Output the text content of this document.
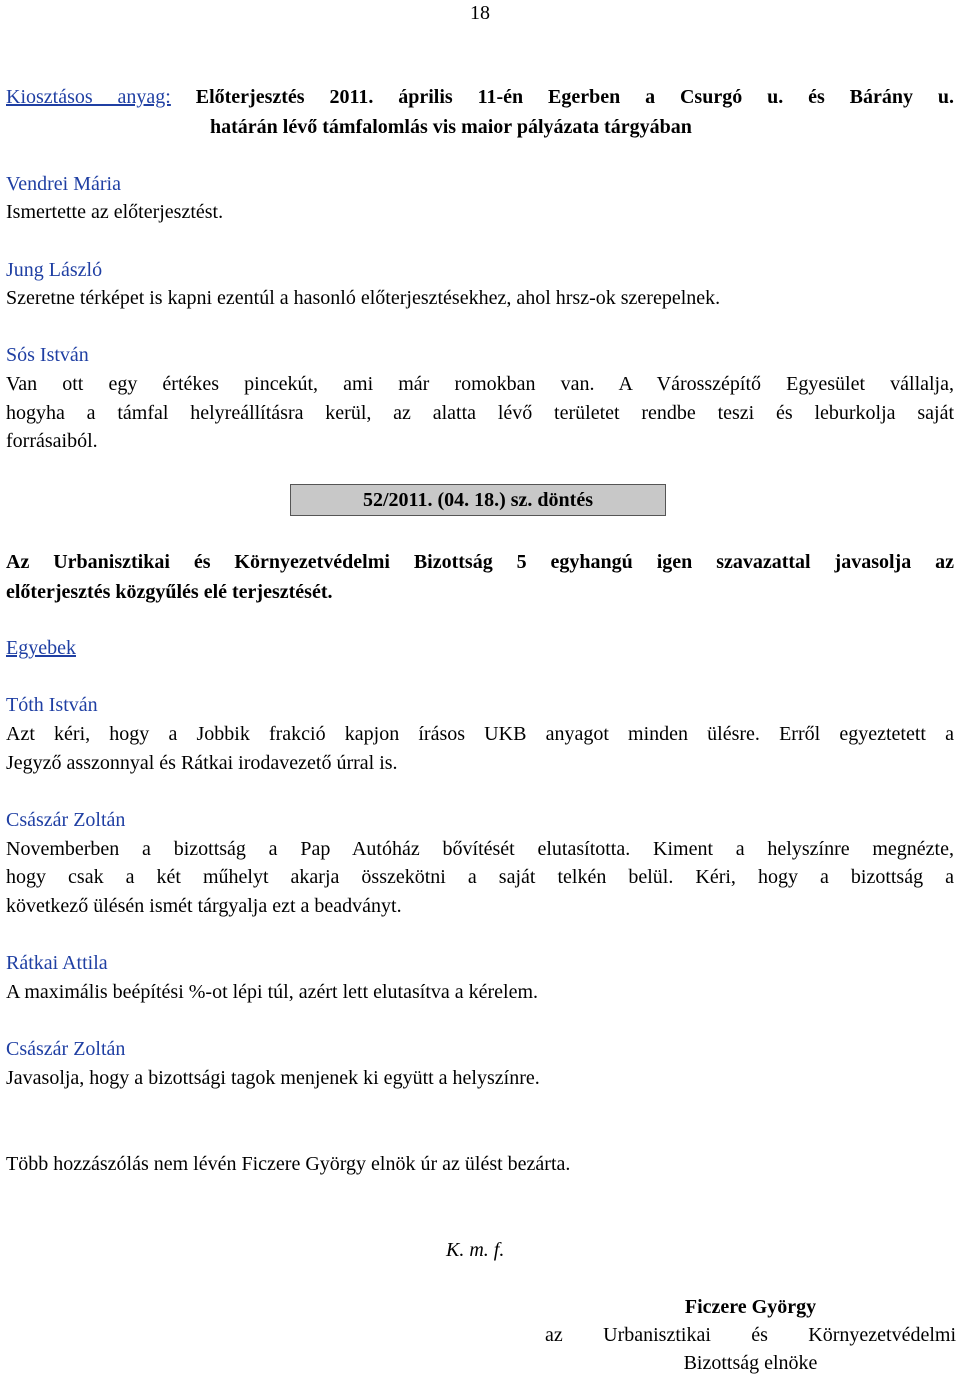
18
Kiosztásos anyag: Előterjesztés 2011. április 11-én Egerben a Csurgó u. és Bárány u.
határán lévő támfalomlás vis maior pályázata tárgyában
Vendrei Mária
Ismertette az előterjesztést.
Jung László
Szeretne térképet is kapni ezentúl a hasonló előterjesztésekhez, ahol hrsz-ok szerepelnek.
Sós István
Van ott egy értékes pincekút, ami már romokban van. A Városszépítő Egyesület vállalja,
hogyha a támfal helyreállításra kerül, az alatta lévő területet rendbe teszi és leburkolja saját
forrásaiból.
52/2011. (04. 18.) sz. döntés
Az Urbanisztikai és Környezetvédelmi Bizottság 5 egyhangú igen szavazattal javasolja az
előterjesztés közgyűlés elé terjesztését.
Egyebek
Tóth István
Azt kéri, hogy a Jobbik frakció kapjon írásos UKB anyagot minden ülésre. Erről egyeztetett a
Jegyző asszonnyal és Rátkai irodavezető úrral is.
Császár Zoltán
Novemberben a bizottság a Pap Autóház bővítését elutasította. Kiment a helyszínre megnézte,
hogy csak a két műhelyt akarja összekötni a saját telkén belül. Kéri, hogy a bizottság a
következő ülésén ismét tárgyalja ezt a beadványt.
Rátkai Attila
A maximális beépítési %-ot lépi túl, azért lett elutasítva a kérelem.
Császár Zoltán
Javasolja, hogy a bizottsági tagok menjenek ki együtt a helyszínre.
Több hozzászólás nem lévén Ficzere György elnök úr az ülést bezárta.
K. m. f.
Ficzere György
az Urbanisztikai és Környezetvédelmi
Bizottság elnöke
